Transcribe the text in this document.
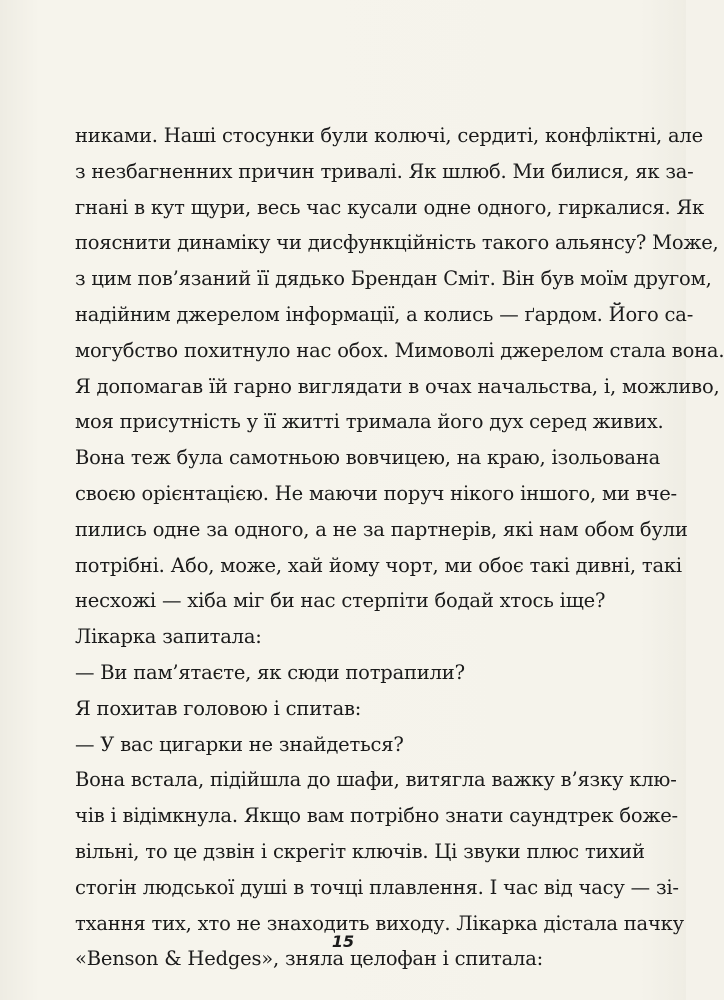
никами. Наші стосунки були колючі, сердиті, конфліктні, але
з незбагненних причин тривалі. Як шлюб. Ми билися, як за-
гнані в кут щури, весь час кусали одне одного, гиркалися. Як
пояснити динаміку чи дисфункційність такого альянсу? Може,
з цим пов’язаний її дядько Брендан Сміт. Він був моїм другом,
надійним джерелом інформації, а колись — ґардом. Його са-
могубство похитнуло нас обох. Мимоволі джерелом стала вона.
Я допомагав їй гарно виглядати в очах начальства, і, можливо,
моя присутність у її житті тримала його дух серед живих.
Вона теж була самотньою вовчицею, на краю, ізольована
своєю орієнтацією. Не маючи поруч нікого іншого, ми вче-
пились одне за одного, а не за партнерів, які нам обом були
потрібні. Або, може, хай йому чорт, ми обоє такі дивні, такі
несхожі — хіба міг би нас стерпіти бодай хтось іще?
Лікарка запитала:
— Ви пам’ятаєте, як сюди потрапили?
Я похитав головою і спитав:
— У вас цигарки не знайдеться?
Вона встала, підійшла до шафи, витягла важку в’язку клю-
чів і відімкнула. Якщо вам потрібно знати саундтрек боже-
вільні, то це дзвін і скрегіт ключів. Ці звуки плюс тихий
стогін людської душі в точці плавлення. І час від часу — зі-
тхання тих, хто не знаходить виходу. Лікарка дістала пачку
«Benson & Hedges», зняла целофан і спитала:
15
